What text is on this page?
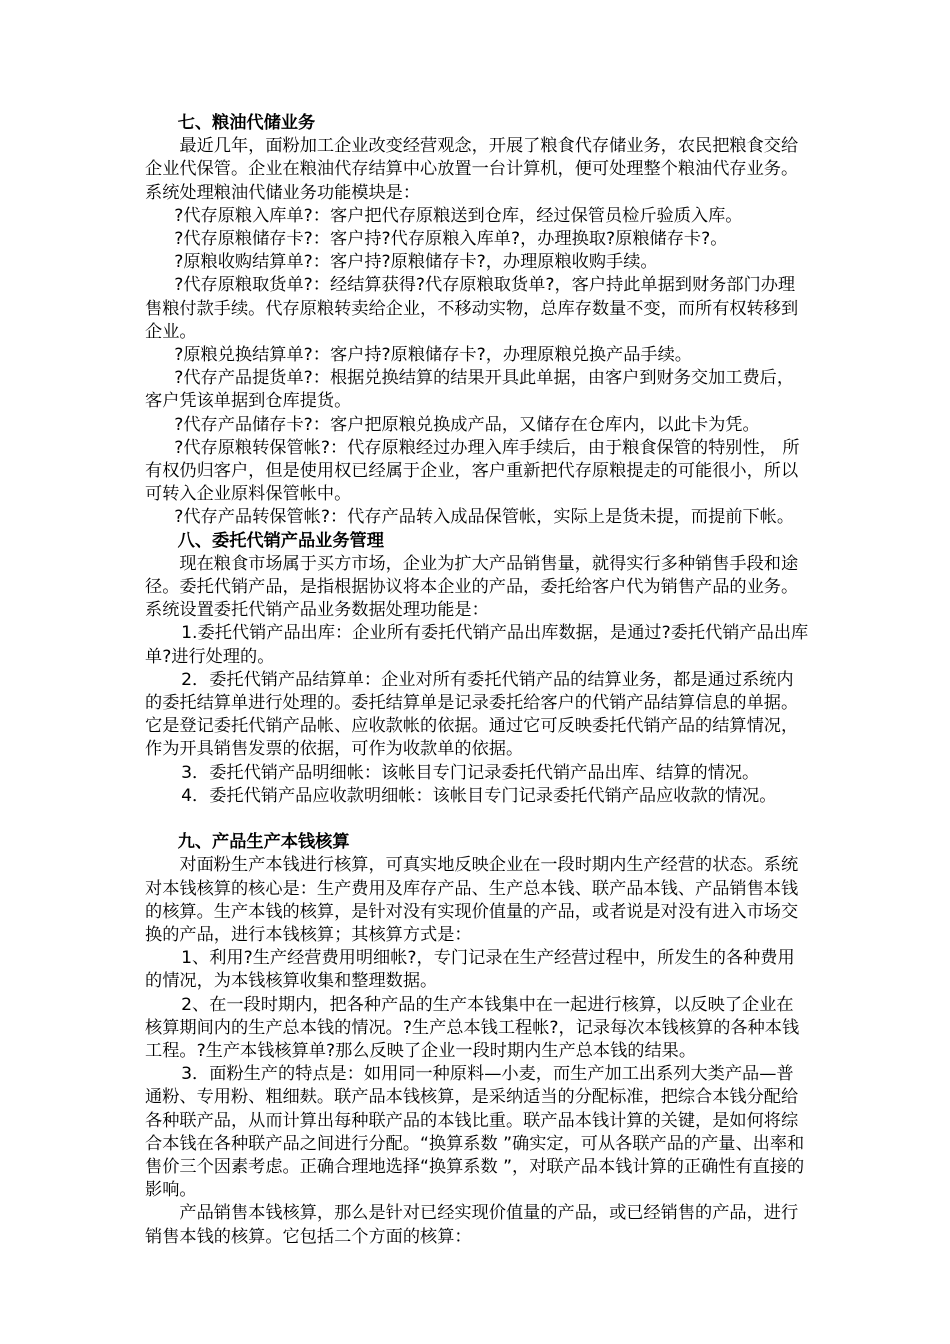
七、粮油代储业务

最近几年，面粉加工企业改变经营观念，开展了粮食代存储业务，农民把粮食交给企业代保管。企业在粮油代存结算中心放置一台计算机，便可处理整个粮油代存业务。系统处理粮油代储业务功能模块是：

?代存原粮入库单?：客户把代存原粮送到仓库，经过保管员检斤验质入库。

?代存原粮储存卡?：客户持?代存原粮入库单?，办理换取?原粮储存卡?。

?原粮收购结算单?：客户持?原粮储存卡?，办理原粮收购手续。

?代存原粮取货单?：经结算获得?代存原粮取货单?，客户持此单据到财务部门办理售粮付款手续。代存原粮转卖给企业，不移动实物，总库存数量不变，而所有权转移到企业。

?原粮兑换结算单?：客户持?原粮储存卡?，办理原粮兑换产品手续。

?代存产品提货单?：根据兑换结算的结果开具此单据，由客户到财务交加工费后，客户凭该单据到仓库提货。

?代存产品储存卡?：客户把原粮兑换成产品，又储存在仓库内，以此卡为凭。

?代存原粮转保管帐?：代存原粮经过办理入库手续后，由于粮食保管的特别性， 所有权仍归客户，但是使用权已经属于企业，客户重新把代存原粮提走的可能很小，所以可转入企业原料保管帐中。

?代存产品转保管帐?：代存产品转入成品保管帐，实际上是货未提，而提前下帐。

八、委托代销产品业务管理

现在粮食市场属于买方市场，企业为扩大产品销售量，就得实行多种销售手段和途径。委托代销产品，是指根据协议将本企业的产品，委托给客户代为销售产品的业务。系统设置委托代销产品业务数据处理功能是：

1.委托代销产品出库：企业所有委托代销产品出库数据，是通过?委托代销产品出库单?进行处理的。

2．委托代销产品结算单：企业对所有委托代销产品的结算业务，都是通过系统内的委托结算单进行处理的。委托结算单是记录委托给客户的代销产品结算信息的单据。它是登记委托代销产品帐、应收款帐的依据。通过它可反映委托代销产品的结算情况，作为开具销售发票的依据，可作为收款单的依据。

3．委托代销产品明细帐：该帐目专门记录委托代销产品出库、结算的情况。

4．委托代销产品应收款明细帐：该帐目专门记录委托代销产品应收款的情况。

九、产品生产本钱核算

对面粉生产本钱进行核算，可真实地反映企业在一段时期内生产经营的状态。系统对本钱核算的核心是：生产费用及库存产品、生产总本钱、联产品本钱、产品销售本钱的核算。生产本钱的核算，是针对没有实现价值量的产品，或者说是对没有进入市场交换的产品，进行本钱核算；其核算方式是：

1、利用?生产经营费用明细帐?，专门记录在生产经营过程中，所发生的各种费用的情况，为本钱核算收集和整理数据。

2、在一段时期内，把各种产品的生产本钱集中在一起进行核算，以反映了企业在核算期间内的生产总本钱的情况。?生产总本钱工程帐?，记录每次本钱核算的各种本钱工程。?生产本钱核算单?那么反映了企业一段时期内生产总本钱的结果。

3．面粉生产的特点是：如用同一种原料—小麦，而生产加工出系列大类产品—普通粉、专用粉、粗细麸。联产品本钱核算，是采纳适当的分配标准，把综合本钱分配给各种联产品，从而计算出每种联产品的本钱比重。联产品本钱计算的关键，是如何将综合本钱在各种联产品之间进行分配。“换算系数 ”确实定，可从各联产品的产量、出率和售价三个因素考虑。正确合理地选择“换算系数 ”，对联产品本钱计算的正确性有直接的影响。

产品销售本钱核算，那么是针对已经实现价值量的产品，或已经销售的产品，进行销售本钱的核算。它包括二个方面的核算：
